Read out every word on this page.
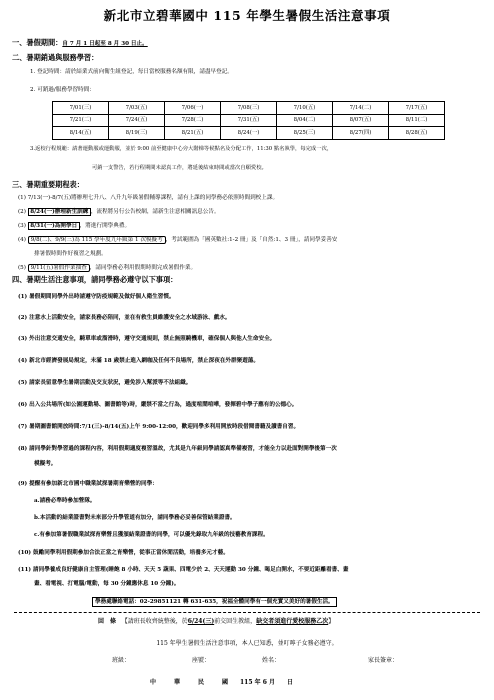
新北市立碧華國中 115 年學生暑假生活注意事項
一、暑假期間：自 7 月 1 日起至 8 月 30 日止。
二、暑期銷過與服務學習：
1. 登記時間：請於結業式前向衛生組登記，每日當校服務名額有限，請盡早登記。
2. 可銷過/服務學習時間：
7/01(三)	7/03(五)	7/06(一)	7/08(三)	7/10(五)	7/14(二)	7/17(五)
7/21(二)	7/24(五)	7/28(二)	7/31(五)	8/04(二)	8/07(五)	8/11(二)
8/14(五)	8/19(三)	8/21(五)	8/24(一)	8/25(三)	8/27(四)	8/28(五)
3.返校行程規範：請著運動服或運動服，並於 9:00 前至健康中心旁大階梯等候點名及分配工作，11:30 點名執學，每完成一次，
可銷一支警告，若行程期間未認真工作，將延後結束時間或當次自願愛校。
三、暑期重要期程表：
(1) 7/13(一)-8/7(五)將辦理七升八、八升九年級暑假輔導課程，請有上課的同學務必依照時間到校上課。
(2) 8/24(一)辦理新生訓練 ，流程將另行公告校網，請新生注意相關訊息公告。
(3) 8/31(一)為開學日 ，將進行開學典禮。
(4) 9/8(二)、9/9(三)為 115 學年度九年級第 1 次模擬考 ，考試範圍為「國英數社:1-2 冊」及「自然:1、3 冊」，請同學妥善安
排暑假時間作好複習之規劃。
(5) 9/11(五)暑假作業抽查 ，請同學務必利用假期時間完成暑假作業。
四、暑期生活注意事項，請同學務必遵守以下事項：
(1) 暑假期間同學外出時請遵守防疫規範及做好個人衛生習慣。
(2) 注意水上活動安全，請家長務必陪同，並在有救生員維護安全之水域游泳、戲水。
(3) 外出注意交通安全，騎單車或溜滑時，遵守交通規則，禁止無照騎機車，確保個人與他人生命安全。
(4) 新北市經濟發展局規定，未滿 18 歲禁止進入網咖及任何不良場所，禁止深夜在外群聚遊蕩。
(5) 請家長留意學生暑期活動及交友狀況，避免涉入幫派等不法組織。
(6) 出入公共場所(如公園運動場、圖書館等)時，嚴禁不當之行為，過度喧鬧喧嘩，發揮碧中學子應有的公德心。
(7) 暑期圖書館開放時間:7/1(三)-8/14(五)上午 9:00-12:00，歡迎同學多利用開放時段借閱書籍及讀書自習。
(8) 請同學針對學習過的課程內容，利用假期適度複習溫故，尤其是九年級同學請認真準備複習，才能全力以赴面對開學後第一次
模擬考。
(9) 提醒有參加新北市國中職業試探暑期育樂營的同學：
a.請務必準時參加營隊。
b.本活動的結業證書對未來部分升學管道有加分，請同學務必妥善保管結業證書。
c.有參加第暑假職業試探育樂營且獲頒結業證書的同學，可以優先錄取九年級的技藝教育課程。
(10) 鼓勵同學利用假期參加合法正當之育樂營，從事正當休閒活動，培養多元才藝。
(11) 請同學養成良好健康自主管理(睡飽 8 小時、天天 5 蔬果、四電少於 2、天天運動 30 分鐘、喝足白開水，不要近距離看書、畫
畫、看電視、打電腦/電動，每 30 分鐘應休息 10 分鐘)。
學務處聯絡電話：02-29851121 轉 631-635，祝福全體同學有一個充實又美好的暑假生活。
回　條 【請班長收齊統整後，於6/24(三)前交回生教組，缺交者須進行愛校服務乙次】
115 年學生暑假生活注意事項，本人已知悉，並叮嚀子女務必遵守。
班級：	座號：	姓名：	家長簽章：
中　　　華　　　民　　　國　　115 年 6 月　　日
